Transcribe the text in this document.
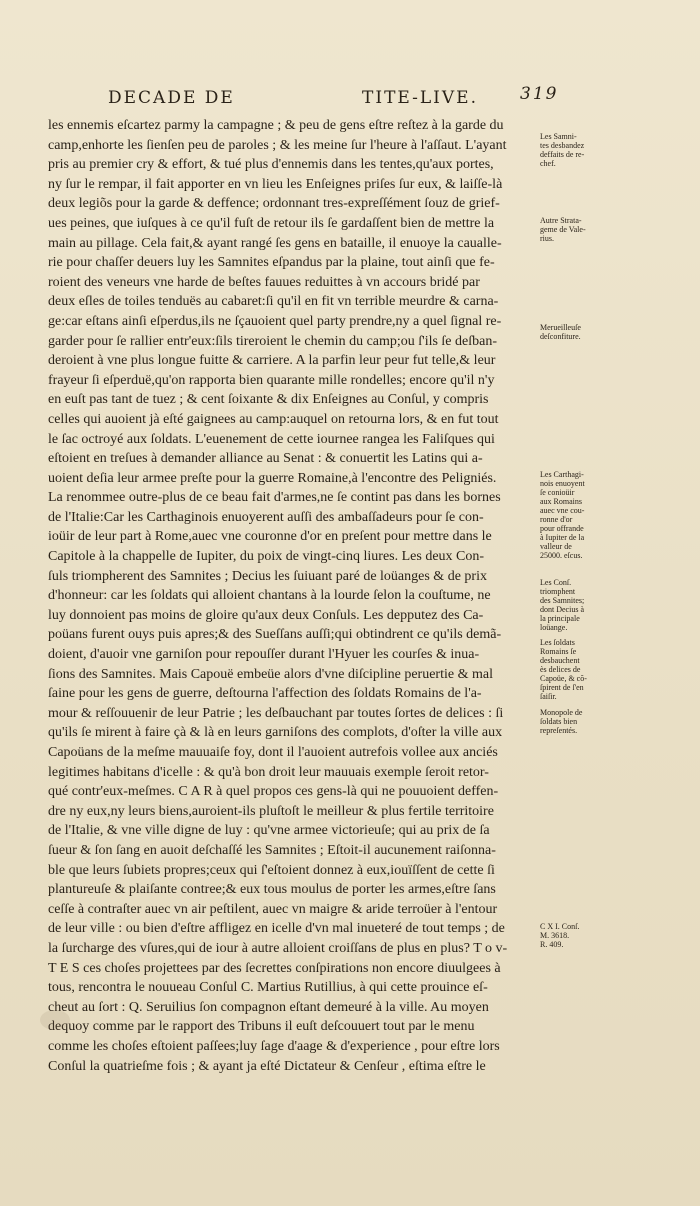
DECADE DE	TITE-LIVE. 319
les ennemis eſcartez parmy la campagne ; & peu de gens eſtre reſtez à la garde du
camp,enhorte les ſienſen peu de paroles ; & les meine ſur l'heure à l'aſſaut. L'ayant
pris au premier cry & effort, & tué plus d'ennemis dans les tentes,qu'aux portes,
ny ſur le rempar, il fait apporter en vn lieu les Enſeignes priſes ſur eux, & laiſſe-là
deux legiõs pour la garde & deffence; ordonnant tres-expreſſément ſouz de grief-
ues peines, que iuſques à ce qu'il fuſt de retour ils ſe gardaſſent bien de mettre la
main au pillage. Cela fait,& ayant rangé ſes gens en bataille, il enuoye la caualle-
rie pour chaſſer deuers luy les Samnites eſpandus par la plaine, tout ainſi que fe-
roient des veneurs vne harde de beſtes fauues reduittes à vn accours bridé par
deux eſles de toiles tenduës au cabaret:ſi qu'il en fit vn terrible meurdre & carna-
ge:car eſtans ainſi eſperdus,ils ne ſçauoient quel party prendre,ny a quel ſignal re-
garder pour ſe rallier entr'eux:ſils tireroient le chemin du camp;ou ſ'ils ſe deſban-
deroient à vne plus longue fuitte & carriere. A la parfin leur peur fut telle,& leur
frayeur ſi eſperduë,qu'on rapporta bien quarante mille rondelles; encore qu'il n'y
en euſt pas tant de tuez ; & cent ſoixante & dix Enſeignes au Conſul, y compris
celles qui auoient jà eſté gaignees au camp:auquel on retourna lors, & en fut tout
le ſac octroyé aux ſoldats. L'euenement de cette iournee rangea les Faliſques qui
eſtoient en treſues à demander alliance au Senat : & conuertit les Latins qui a-
uoient deſia leur armee preſte pour la guerre Romaine,à l'encontre des Peligniés.
La renommee outre-plus de ce beau fait d'armes,ne ſe contint pas dans les bornes
de l'Italie:Car les Carthaginois enuoyerent auſſi des ambaſſadeurs pour ſe con-
ioüir de leur part à Rome,auec vne couronne d'or en preſent pour mettre dans le
Capitole à la chappelle de Iupiter, du poix de vingt-cinq liures. Les deux Con-
ſuls triompherent des Samnites ; Decius les ſuiuant paré de loüanges & de prix
d'honneur: car les ſoldats qui alloient chantans à la lourde ſelon la couſtume, ne
luy donnoient pas moins de gloire qu'aux deux Conſuls. Les depputez des Ca-
poüans furent ouys puis apres;& des Sueſſans auſſi;qui obtindrent ce qu'ils demã-
doient, d'auoir vne garniſon pour repouſſer durant l'Hyuer les courſes & inua-
ſions des Samnites. Mais Capouë embeüe alors d'vne diſcipline peruertie & mal
ſaine pour les gens de guerre, deſtourna l'affection des ſoldats Romains de l'a-
mour & reſſouuenir de leur Patrie ; les deſbauchant par toutes ſortes de delices : ſi
qu'ils ſe mirent à faire çà & là en leurs garniſons des complots, d'oſter la ville aux
Capoüans de la meſme mauuaiſe foy, dont il l'auoient autrefois vollee aux anciés
legitimes habitans d'icelle : & qu'à bon droit leur mauuais exemple ſeroit retor-
qué contr'eux-meſmes. C A R à quel propos ces gens-là qui ne pouuoient deffen-
dre ny eux,ny leurs biens,auroient-ils pluſtoſt le meilleur & plus fertile territoire
de l'Italie, & vne ville digne de luy : qu'vne armee victorieuſe; qui au prix de ſa
ſueur & ſon ſang en auoit deſchaſſé les Samnites ; Eſtoit-il aucunement raiſonna-
ble que leurs ſubiets propres;ceux qui ſ'eſtoient donnez à eux,iouïſſent de cette ſi
planturеuſe & plaiſante contree;& eux tous moulus de porter les armes,eſtre ſans
ceſſe à contraſter auec vn air peſtilent, auec vn maigre & aride terroüer à l'entour
de leur ville : ou bien d'eſtre affligez en icelle d'vn mal inueteré de tout temps ; de
la ſurcharge des vſures,qui de iour à autre alloient croiſſans de plus en plus? T o v-
T E S ces choſes projettees par des ſecrettes conſpirations non encore diuulgees à
tous, rencontra le nouueau Conſul C. Martius Rutillius, à qui cette prouince eſ-
cheut au ſort : Q. Seruilius ſon compagnon eſtant demeuré à la ville. Au moyen
dequoy comme par le rapport des Tribuns il euſt deſcouuert tout par le menu
comme les choſes eſtoient paſſees;luy ſage d'aage & d'experience , pour eſtre lors
Conſul la quatrieſme fois ; & ayant ja eſté Dictateur & Cenſeur , eſtima eſtre le
Les Samni-
tes desbandez
deffaits de re-
chef.
Autre Strata-
geme de Vale-
rius.
Merueilleuſe
deſconfiture.
Les Carthagi-
nois enuoyent
ſe conioüir
aux Romains
auec vne cou-
ronne d'or
pour offrande
à Iupiter de la
valleur de
25000. eſcus.
Les Conſ.
triomphent
des Samnites;
dont Decius à
la principale
loüange.
Les ſoldats
Romains ſe
desbauchent
ès delices de
Capoüe, & cõ-
ſpirent de ſ'en
ſaiſir.
Monopole de
ſoldats bien
repreſentés.
C X I. Conſ.
M. 3618.
R. 409.
